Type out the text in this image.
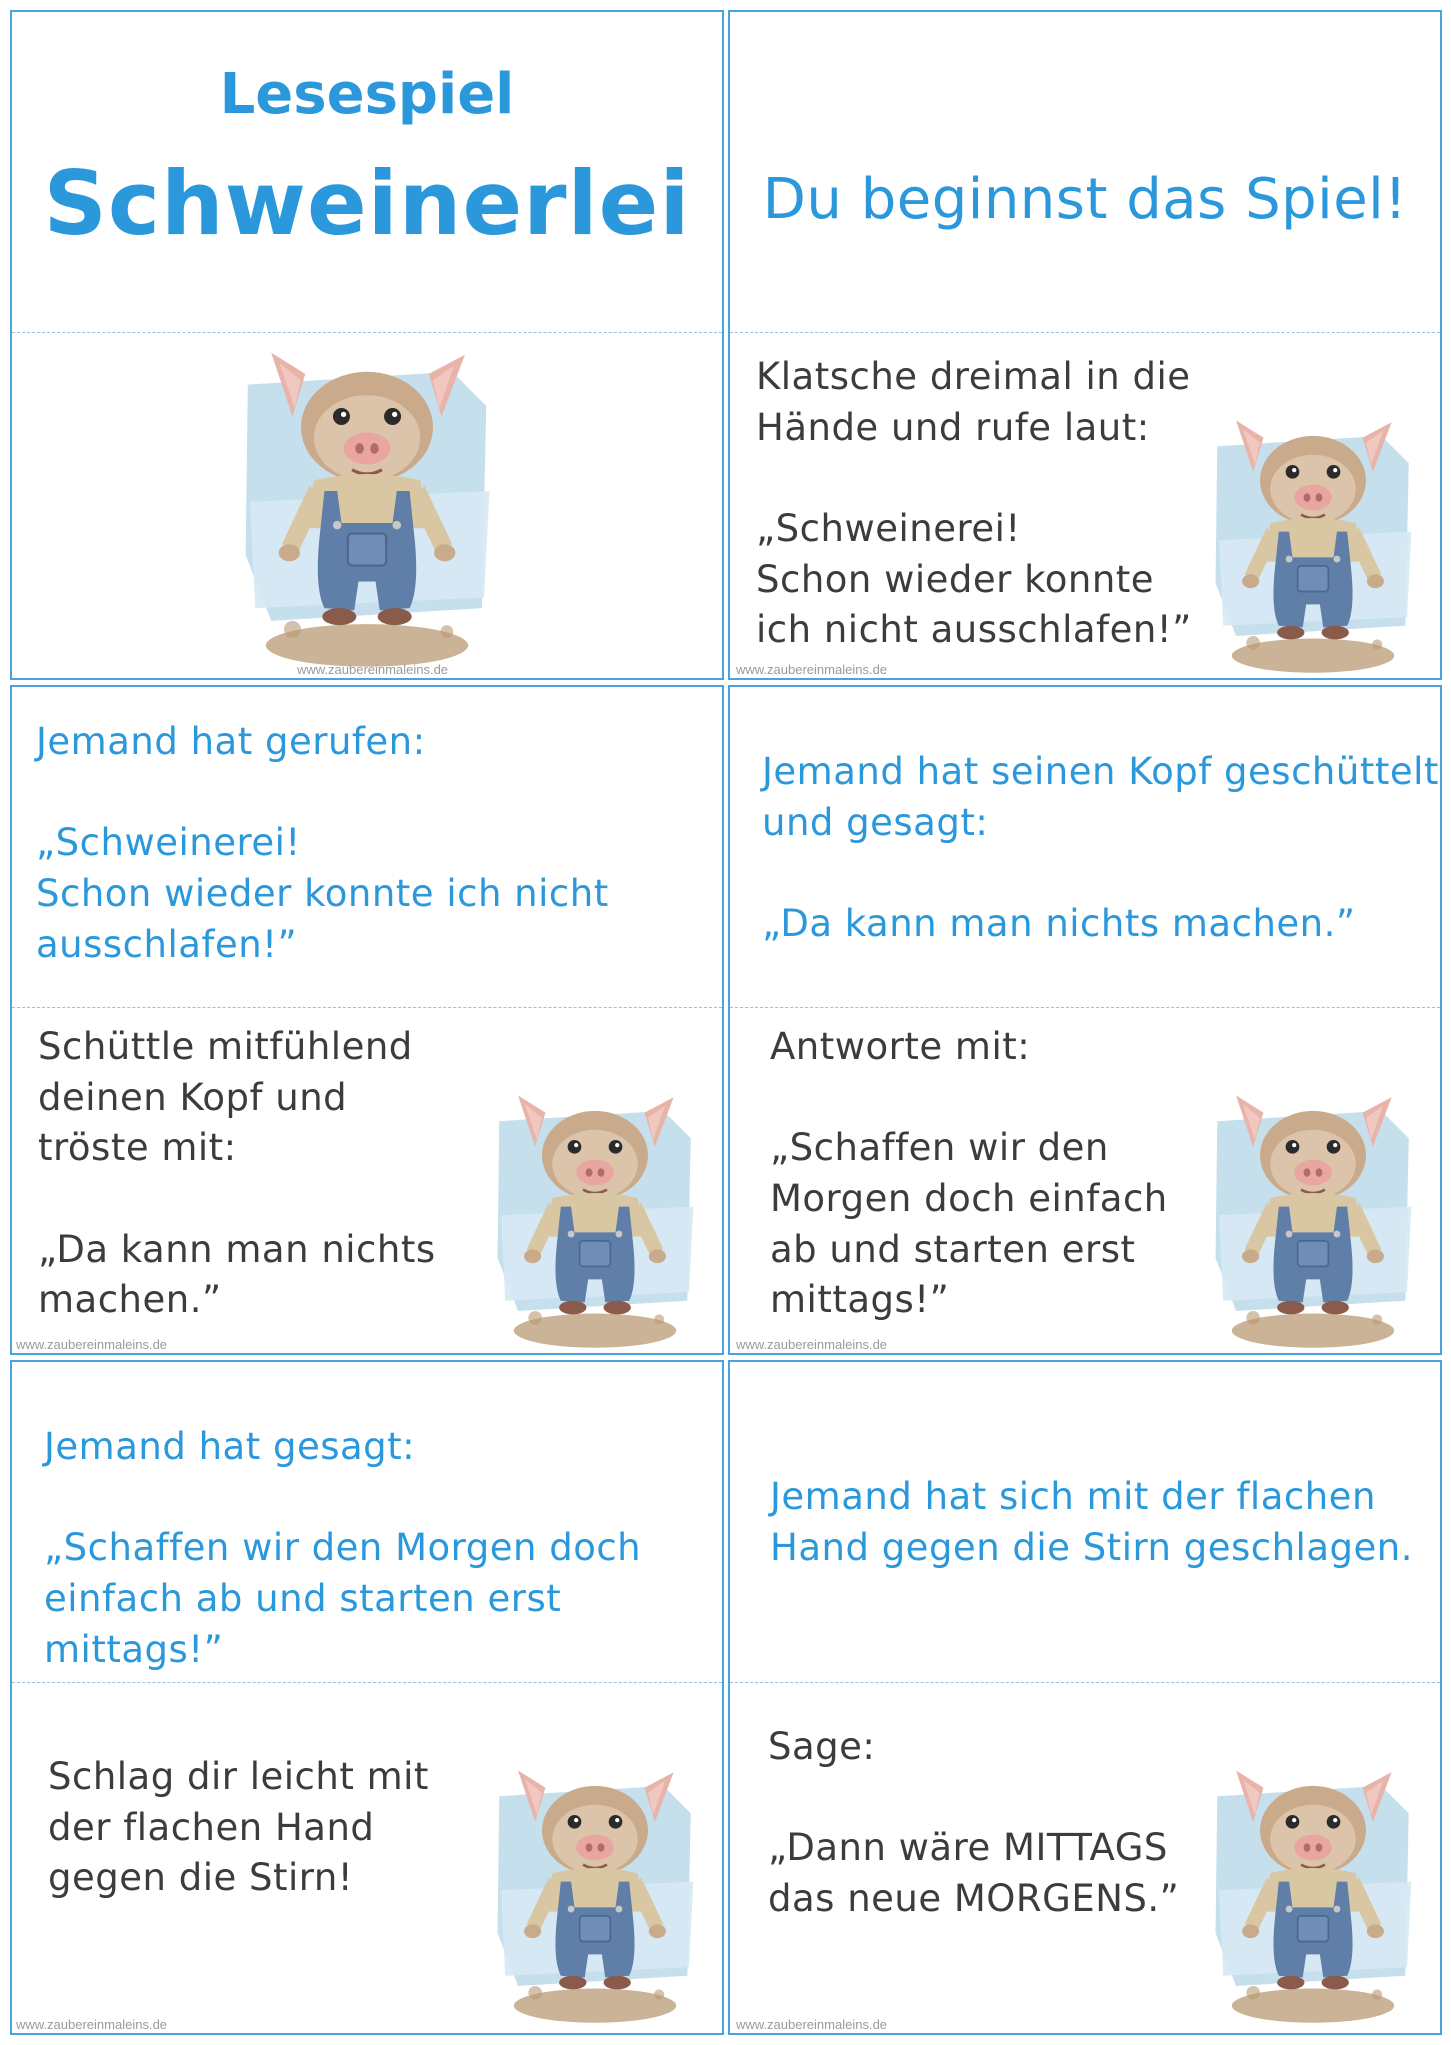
Lesespiel
Schweinerlei
www.zaubereinmaleins.de
Du beginnst das Spiel!
Klatsche dreimal in die
Hände und rufe laut:

„Schweinerei!
Schon wieder konnte
ich nicht ausschlafen!”
www.zaubereinmaleins.de
Jemand hat gerufen:

„Schweinerei!
Schon wieder konnte ich nicht
ausschlafen!”
Schüttle mitfühlend
deinen Kopf und
tröste mit:

„Da kann man nichts
machen.”
www.zaubereinmaleins.de
Jemand hat seinen Kopf geschüttelt
und gesagt:

„Da kann man nichts machen.”
Antworte mit:

„Schaffen wir den
Morgen doch einfach
ab und starten erst
mittags!”
www.zaubereinmaleins.de
Jemand hat gesagt:

„Schaffen wir den Morgen doch
einfach ab und starten erst mittags!”
Schlag dir leicht mit
der flachen Hand
gegen die Stirn!
www.zaubereinmaleins.de
Jemand hat sich mit der flachen
Hand gegen die Stirn geschlagen.
Sage:

„Dann wäre MITTAGS
das neue MORGENS.”
www.zaubereinmaleins.de
